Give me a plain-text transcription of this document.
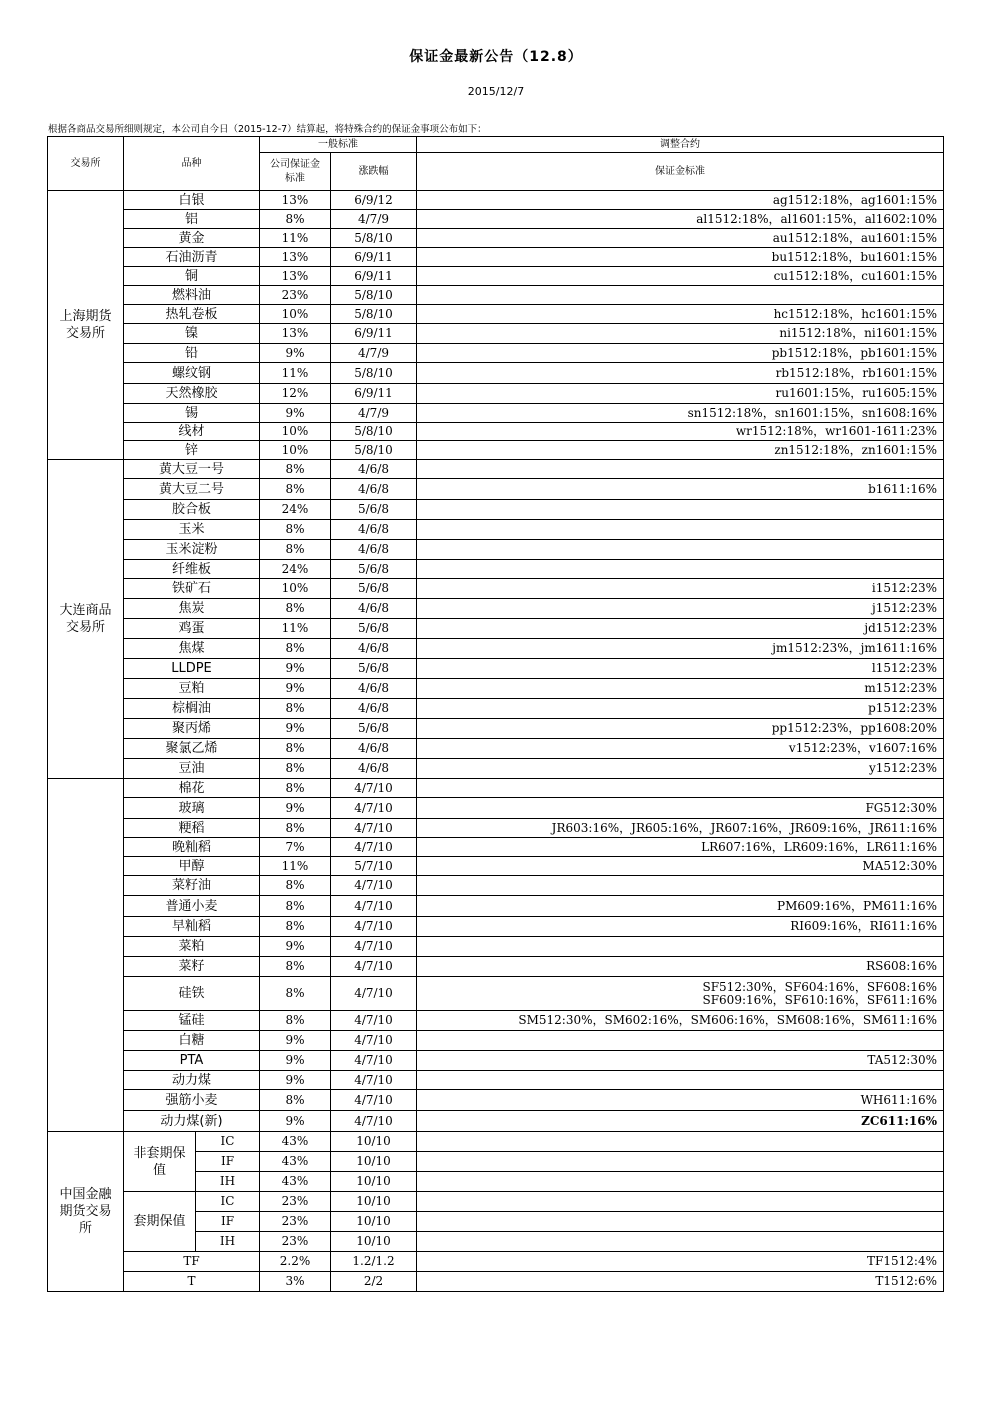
保证金最新公告（12.8）
2015/12/7
根据各商品交易所细则规定，本公司自今日（2015-12-7）结算起，将特殊合约的保证金事项公布如下：
交易所	品种		一般标准		调整合约
			公司保证金标准	涨跌幅	保证金标准
上海期货交易所	白银		13%	6/9/12	ag1512:18%，ag1601:15%
	铝		8%	4/7/9	al1512:18%，al1601:15%，al1602:10%
	黄金		11%	5/8/10	au1512:18%，au1601:15%
	石油沥青		13%	6/9/11	bu1512:18%，bu1601:15%
	铜		13%	6/9/11	cu1512:18%，cu1601:15%
	燃料油		23%	5/8/10	
	热轧卷板		10%	5/8/10	hc1512:18%，hc1601:15%
	镍		13%	6/9/11	ni1512:18%，ni1601:15%
	铅		9%	4/7/9	pb1512:18%，pb1601:15%
	螺纹钢		11%	5/8/10	rb1512:18%，rb1601:15%
	天然橡胶		12%	6/9/11	ru1601:15%，ru1605:15%
	锡		9%	4/7/9	sn1512:18%，sn1601:15%，sn1608:16%
	线材		10%	5/8/10	wr1512:18%，wr1601-1611:23%
	锌		10%	5/8/10	zn1512:18%，zn1601:15%
大连商品交易所	黄大豆一号		8%	4/6/8	
	黄大豆二号		8%	4/6/8	b1611:16%
	胶合板		24%	5/6/8	
	玉米		8%	4/6/8	
	玉米淀粉		8%	4/6/8	
	纤维板		24%	5/6/8	
	铁矿石		10%	5/6/8	i1512:23%
	焦炭		8%	4/6/8	j1512:23%
	鸡蛋		11%	5/6/8	jd1512:23%
	焦煤		8%	4/6/8	jm1512:23%，jm1611:16%
	LLDPE		9%	5/6/8	l1512:23%
	豆粕		9%	4/6/8	m1512:23%
	棕榈油		8%	4/6/8	p1512:23%
	聚丙烯		9%	5/6/8	pp1512:23%，pp1608:20%
	聚氯乙烯		8%	4/6/8	v1512:23%，v1607:16%
	豆油		8%	4/6/8	y1512:23%
	棉花		8%	4/7/10	
	玻璃		9%	4/7/10	FG512:30%
	粳稻		8%	4/7/10	JR603:16%，JR605:16%，JR607:16%，JR609:16%，JR611:16%
	晚籼稻		7%	4/7/10	LR607:16%，LR609:16%，LR611:16%
	甲醇		11%	5/7/10	MA512:30%
	菜籽油		8%	4/7/10	
	普通小麦		8%	4/7/10	PM609:16%，PM611:16%
	早籼稻		8%	4/7/10	RI609:16%，RI611:16%
	菜粕		9%	4/7/10	
	菜籽		8%	4/7/10	RS608:16%
	硅铁		8%	4/7/10	SF512:30%，SF604:16%，SF608:16%
SF609:16%，SF610:16%，SF611:16%
	锰硅		8%	4/7/10	SM512:30%，SM602:16%，SM606:16%，SM608:16%，SM611:16%
	白糖		9%	4/7/10	
	PTA		9%	4/7/10	TA512:30%
	动力煤		9%	4/7/10	
	强筋小麦		8%	4/7/10	WH611:16%
	动力煤(新)		9%	4/7/10	ZC611:16%
中国金融期货交易所	非套期保值	IC	43%	10/10	
		IF	43%	10/10	
		IH	43%	10/10	
	套期保值	IC	23%	10/10	
		IF	23%	10/10	
		IH	23%	10/10	
	TF		2.2%	1.2/1.2	TF1512:4%
	T		3%	2/2	T1512:6%
